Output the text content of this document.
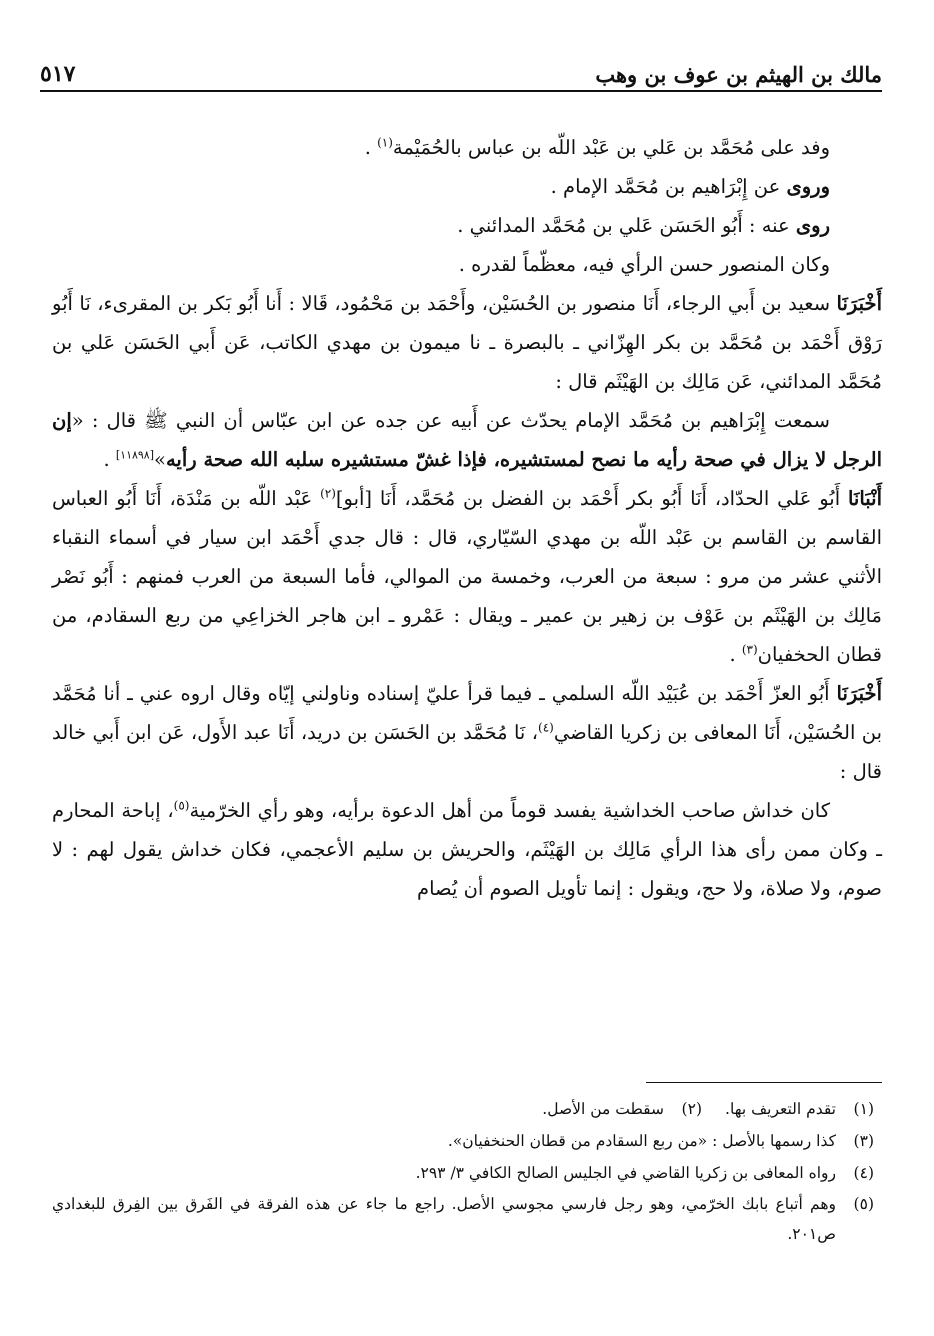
مالك بن الهيثم بن عوف بن وهب
٥١٧

وفد على مُحَمَّد بن عَلي بن عَبْد اللّه بن عباس بالحُمَيْمة$^{(١)}$ .

وروى عن إِبْرَاهيم بن مُحَمَّد الإمام .

روى عنه : أَبُو الحَسَن عَلي بن مُحَمَّد المدائني .

وكان المنصور حسن الرأي فيه، معظّماً لقدره .

أَخْبَرَنَا سعيد بن أَبي الرجاء، أَنَا منصور بن الحُسَيْن، وأَحْمَد بن مَحْمُود، قَالا : أَنا أَبُو بَكر بن المقرىء، نَا أَبُو رَوْق أَحْمَد بن مُحَمَّد بن بكر الهِزّاني ـ بالبصرة ـ نا ميمون بن مهدي الكاتب، عَن أَبي الحَسَن عَلي بن مُحَمَّد المدائني، عَن مَالِك بن الهَيْثَم قال :

سمعت إِبْرَاهيم بن مُحَمَّد الإمام يحدّث عن أَبيه عن جده عن ابن عبّاس أن النبي ﷺ قال : «إن الرجل لا يزال في صحة رأيه ما نصح لمستشيره، فإذا غشّ مستشيره سلبه الله صحة رأيه»[١١٨٩٨] .

أَنْبَانَا أَبُو عَلي الحدّاد، أَنَا أَبُو بكر أَحْمَد بن الفضل بن مُحَمَّد، أَنَا [أبو]$^{(٢)}$ عَبْد اللّه بن مَنْدَة، أَنَا أَبُو العباس القاسم بن القاسم بن عَبْد اللّه بن مهدي السّيّاري، قال : قال جدي أَحْمَد ابن سيار في أسماء النقباء الأثني عشر من مرو : سبعة من العرب، وخمسة من الموالي، فأما السبعة من العرب فمنهم : أَبُو نَصْر مَالِك بن الهَيْثَم بن عَوْف بن زهير بن عمير ـ ويقال : عَمْرو ـ ابن هاجر الخزاعِي من ربع السقادم، من قطان الحخفيان$^{(٣)}$ .

أَخْبَرَنَا أَبُو العزّ أَحْمَد بن عُبَيْد اللّه السلمي ـ فيما قرأ عليّ إسناده وناولني إيّاه وقال اروه عني ـ أنا مُحَمَّد بن الحُسَيْن، أَنَا المعافى بن زكريا القاضي$^{(٤)}$، نَا مُحَمَّد بن الحَسَن بن دريد، أَنَا عبد الأَول، عَن ابن أَبي خالد قال :

كان خداش صاحب الخداشية يفسد قوماً من أهل الدعوة برأيه، وهو رأي الخرّمية$^{(٥)}$، إباحة المحارم ـ وكان ممن رأى هذا الرأي مَالِك بن الهَيْثَم، والحريش بن سليم الأعجمي، فكان خداش يقول لهم : لا صوم، ولا صلاة، ولا حج، ويقول : إنما تأويل الصوم أن يُصام

(١)
تقدم التعريف بها.
(٢)
سقطت من الأصل.
(٣)
كذا رسمها بالأصل : «من ربع السقادم من قطان الحنخفيان».
(٤)
رواه المعافى بن زكريا القاضي في الجليس الصالح الكافي ٣/ ٢٩٣.
(٥)
وهم أتباع بابك الخرّمي، وهو رجل فارسي مجوسي الأصل. راجع ما جاء عن هذه الفرقة في الفَرق بين الفِرق للبغدادي ص٢٠١.
